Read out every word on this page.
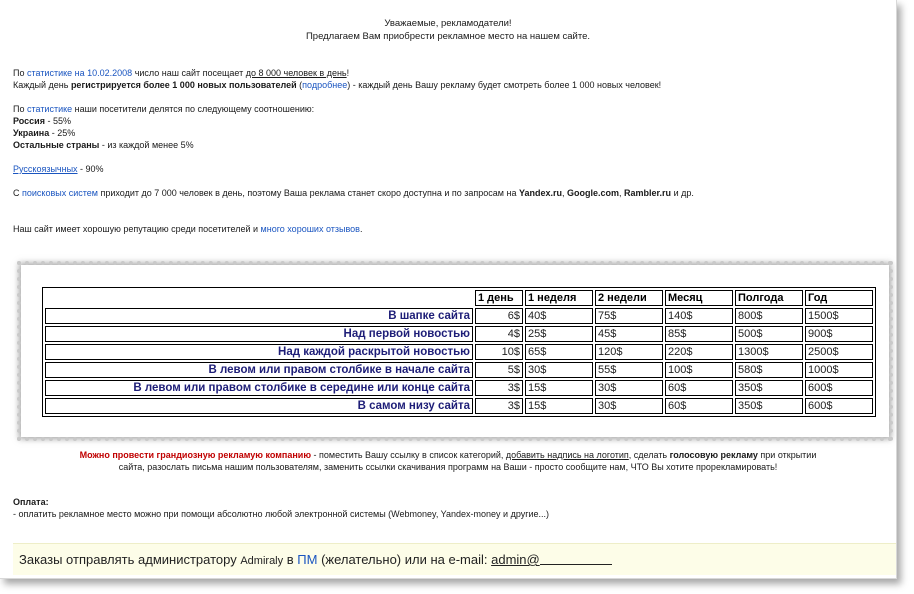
Уважаемые, рекламодатели!
Предлагаем Вам приобрести рекламное место на нашем сайте.
По статистике на 10.02.2008 число наш сайт посещает до 8 000 человек в день!
Каждый день регистрируется более 1 000 новых пользователей (подробнее) - каждый день Вашу рекламу будет смотреть более 1 000 новых человек!
По статистике наши посетители делятся по следующему соотношению:
Россия - 55%
Украина - 25%
Остальные страны - из каждой менее 5%
Русскоязычных - 90%
С поисковых систем приходит до 7 000 человек в день, поэтому Ваша реклама станет скоро доступна и по запросам на Yandex.ru, Google.com, Rambler.ru и др.
Наш сайт имеет хорошую репутацию среди посетителей и много хороших отзывов.
	1 день	1 неделя	2 недели	Месяц	Полгода	Год
В шапке сайта	6$	40$	75$	140$	800$	1500$
Над первой новостью	4$	25$	45$	85$	500$	900$
Над каждой раскрытой новостью	10$	65$	120$	220$	1300$	2500$
В левом или правом столбике в начале сайта	5$	30$	55$	100$	580$	1000$
В левом или правом столбике в середине или конце сайта	3$	15$	30$	60$	350$	600$
В самом низу сайта	3$	15$	30$	60$	350$	600$
Можно провести грандиозную рекламую компанию - поместить Вашу ссылку в список категорий, добавить надпись на логотип, сделать голосовую рекламу при открытии
сайта, разослать письма нашим пользователям, заменить ссылки скачивания программ на Ваши - просто сообщите нам, ЧТО Вы хотите прорекламировать!
Оплата:
- оплатить рекламное место можно при помощи абсолютно любой электронной системы (Webmoney, Yandex-money и другие...)
Заказы отправлять администратору Admiraly в ПМ (желательно) или на e-mail: admin@
